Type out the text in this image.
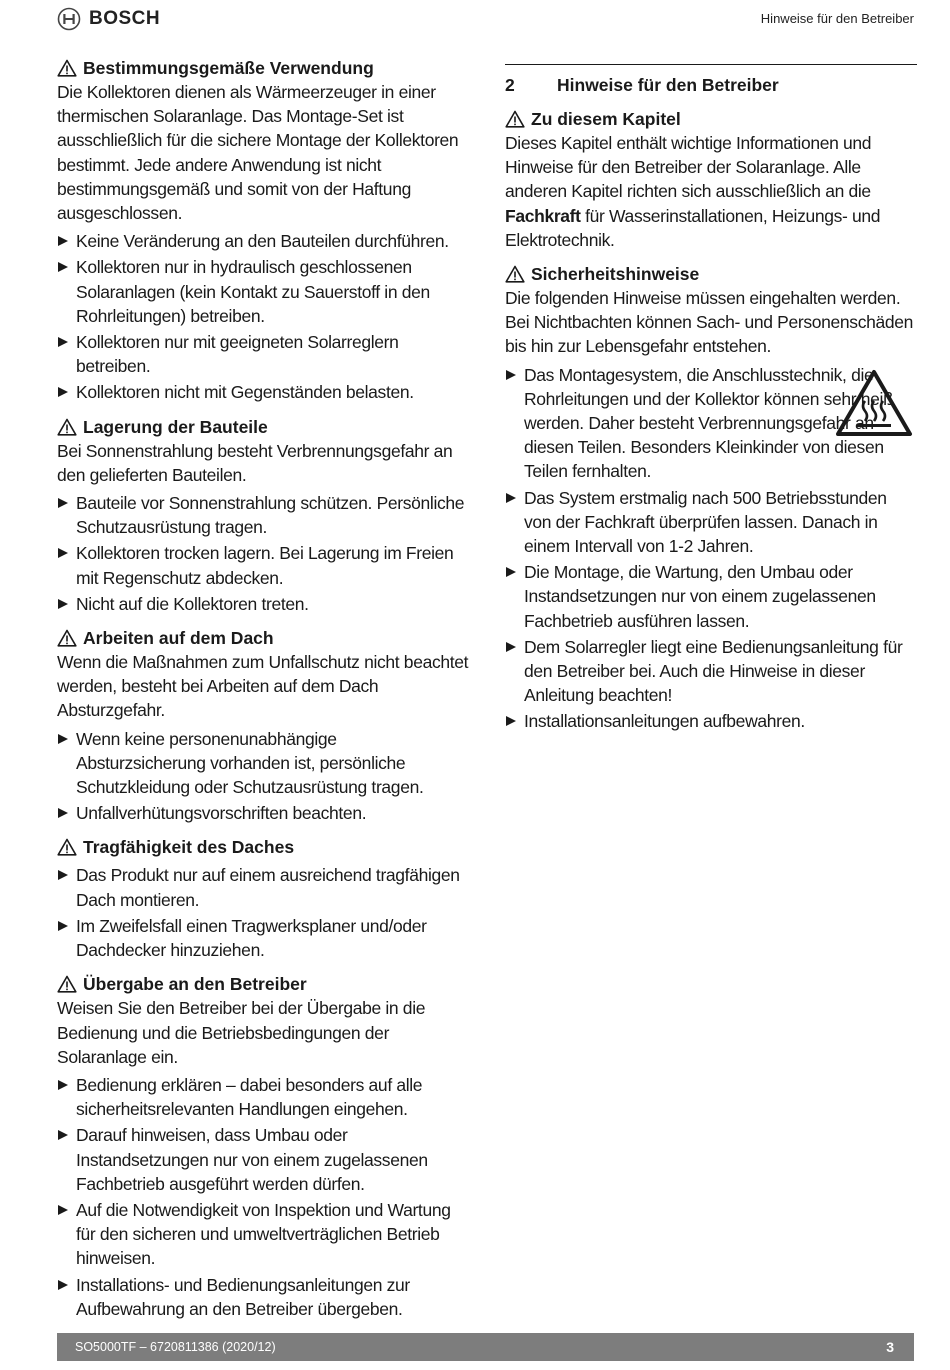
BOSCH	Hinweise für den Betreiber
Bestimmungsgemäße Verwendung

Die Kollektoren dienen als Wärmeerzeuger in einer thermischen Solaranlage. Das Montage-Set ist ausschließlich für die sichere Montage der Kollektoren bestimmt. Jede andere Anwendung ist nicht bestimmungsgemäß und somit von der Haftung ausgeschlossen.

Keine Veränderung an den Bauteilen durchführen.
Kollektoren nur in hydraulisch geschlossenen Solaranlagen (kein Kontakt zu Sauerstoff in den Rohrleitungen) betreiben.
Kollektoren nur mit geeigneten Solarreglern betreiben.
Kollektoren nicht mit Gegenständen belasten.
Lagerung der Bauteile

Bei Sonnenstrahlung besteht Verbrennungsgefahr an den gelieferten Bauteilen.

Bauteile vor Sonnenstrahlung schützen. Persönliche Schutzausrüstung tragen.
Kollektoren trocken lagern. Bei Lagerung im Freien mit Regenschutz abdecken.
Nicht auf die Kollektoren treten.
Arbeiten auf dem Dach

Wenn die Maßnahmen zum Unfallschutz nicht beachtet werden, besteht bei Arbeiten auf dem Dach Absturzgefahr.

Wenn keine personenunabhängige Absturzsicherung vorhanden ist, persönliche Schutzkleidung oder Schutzausrüstung tragen.
Unfallverhütungsvorschriften beachten.
Tragfähigkeit des Daches
Das Produkt nur auf einem ausreichend tragfähigen Dach montieren.
Im Zweifelsfall einen Tragwerksplaner und/oder Dachdecker hinzuziehen.
Übergabe an den Betreiber

Weisen Sie den Betreiber bei der Übergabe in die Bedienung und die Betriebsbedingungen der Solaranlage ein.

Bedienung erklären – dabei besonders auf alle sicherheitsrelevanten Handlungen eingehen.
Darauf hinweisen, dass Umbau oder Instandsetzungen nur von einem zugelassenen Fachbetrieb ausgeführt werden dürfen.
Auf die Notwendigkeit von Inspektion und Wartung für den sicheren und umweltverträglichen Betrieb hinweisen.
Installations- und Bedienungsanleitungen zur Aufbewahrung an den Betreiber übergeben.
2	Hinweise für den Betreiber
Zu diesem Kapitel

Dieses Kapitel enthält wichtige Informationen und Hinweise für den Betreiber der Solaranlage. Alle anderen Kapitel richten sich ausschließlich an die Fachkraft für Wasserinstallationen, Heizungs- und Elektrotechnik.

Sicherheitshinweise

Die folgenden Hinweise müssen eingehalten werden. Bei Nichtbachten können Sach- und Personenschäden bis hin zur Lebensgefahr entstehen.

Das Montagesystem, die Anschlusstechnik, die Rohrleitungen und der Kollektor können sehr heiß werden. Daher besteht Verbrennungsgefahr an diesen Teilen. Besonders Kleinkinder von diesen Teilen fernhalten.
Das System erstmalig nach 500 Betriebsstunden von der Fachkraft überprüfen lassen. Danach in einem Intervall von 1-2 Jahren.
Die Montage, die Wartung, den Umbau oder Instandsetzungen nur von einem zugelassenen Fachbetrieb ausführen lassen.
Dem Solarregler liegt eine Bedienungsanleitung für den Betreiber bei. Auch die Hinweise in dieser Anleitung beachten!
Installationsanleitungen aufbewahren.
SO5000TF – 6720811386 (2020/12)	3
